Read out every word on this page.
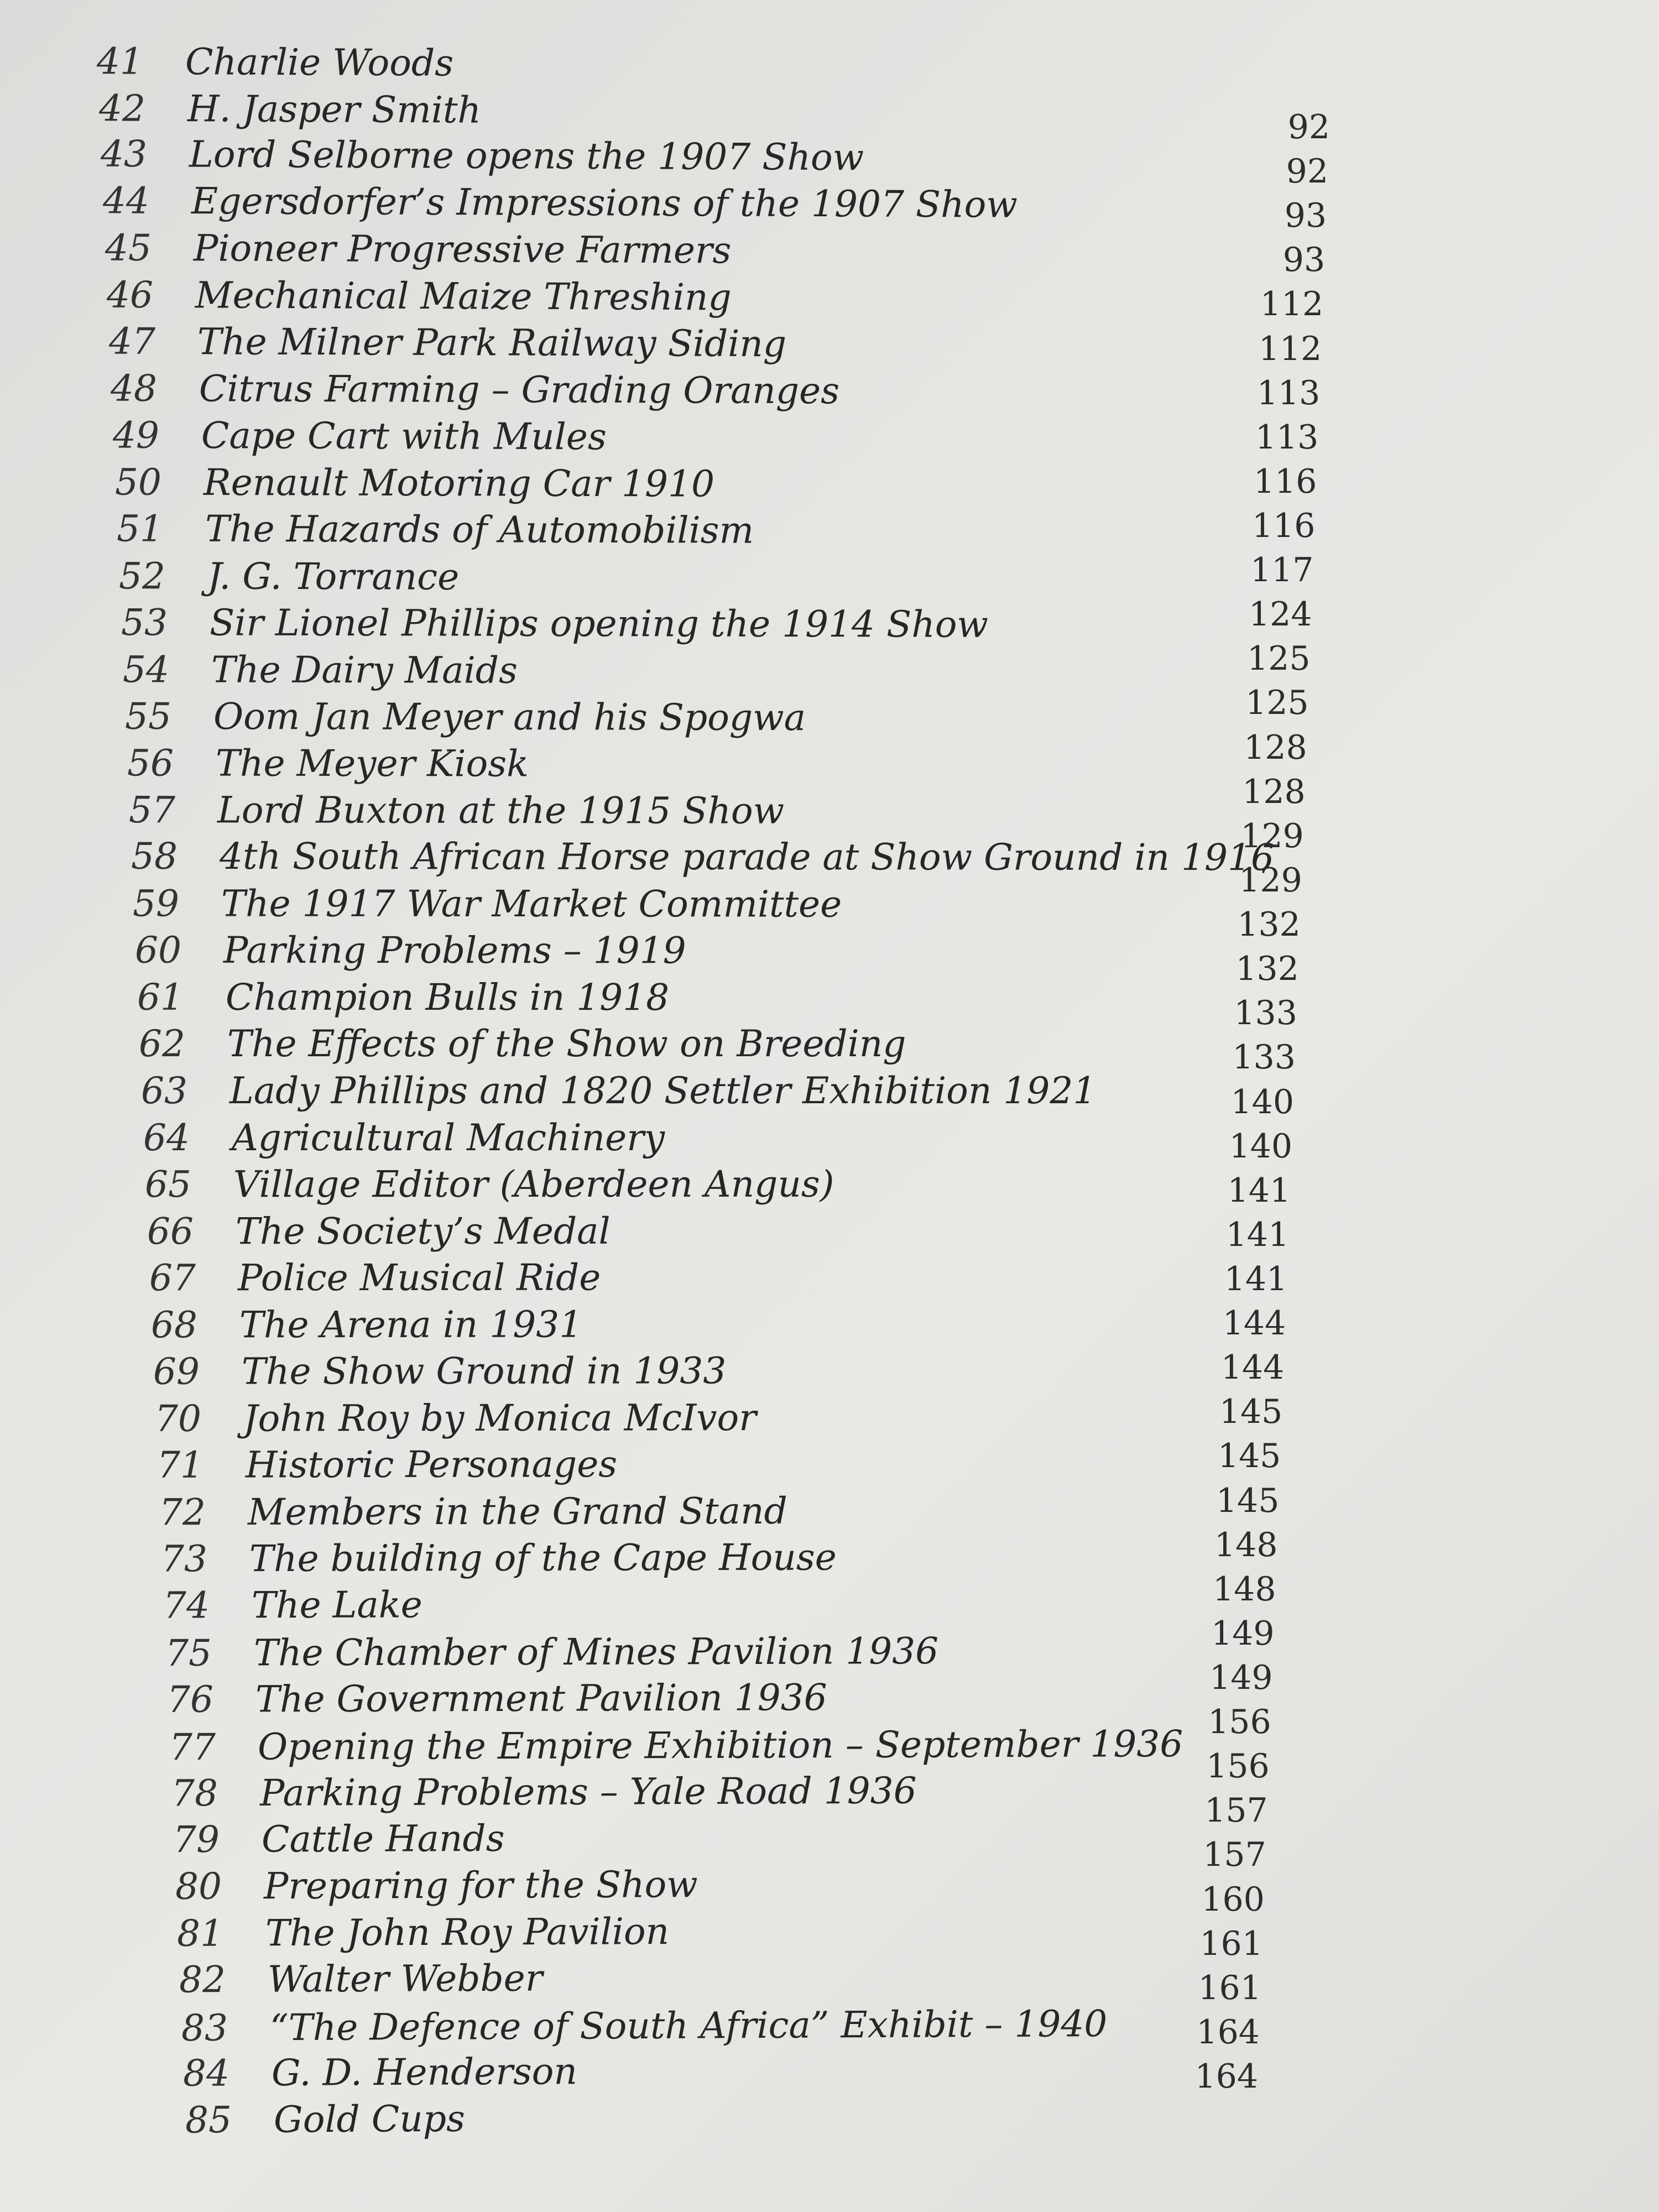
41 Charlie Woods
42 H. Jasper Smith
43 Lord Selborne opens the 1907 Show
44 Egersdorfer’s Impressions of the 1907 Show
45 Pioneer Progressive Farmers
46 Mechanical Maize Threshing
47 The Milner Park Railway Siding
48 Citrus Farming – Grading Oranges
49 Cape Cart with Mules
50 Renault Motoring Car 1910
51 The Hazards of Automobilism
52 J. G. Torrance
53 Sir Lionel Phillips opening the 1914 Show
54 The Dairy Maids
55 Oom Jan Meyer and his Spogwa
56 The Meyer Kiosk
57 Lord Buxton at the 1915 Show
58 4th South African Horse parade at Show Ground in 1916
59 The 1917 War Market Committee
60 Parking Problems – 1919
61 Champion Bulls in 1918
62 The Effects of the Show on Breeding
63 Lady Phillips and 1820 Settler Exhibition 1921
64 Agricultural Machinery
65 Village Editor (Aberdeen Angus)
66 The Society’s Medal
67 Police Musical Ride
68 The Arena in 1931
69 The Show Ground in 1933
70 John Roy by Monica McIvor
71 Historic Personages
72 Members in the Grand Stand
73 The building of the Cape House
74 The Lake
75 The Chamber of Mines Pavilion 1936
76 The Government Pavilion 1936
77 Opening the Empire Exhibition – September 1936
78 Parking Problems – Yale Road 1936
79 Cattle Hands
80 Preparing for the Show
81 The John Roy Pavilion
82 Walter Webber
83 “The Defence of South Africa” Exhibit – 1940
84 G. D. Henderson
85 Gold Cups
92
92
93
93
112
112
113
113
116
116
117
124
125
125
128
128
129
129
132
132
133
133
140
140
141
141
141
144
144
145
145
145
148
148
149
149
156
156
157
157
160
161
161
164
164
